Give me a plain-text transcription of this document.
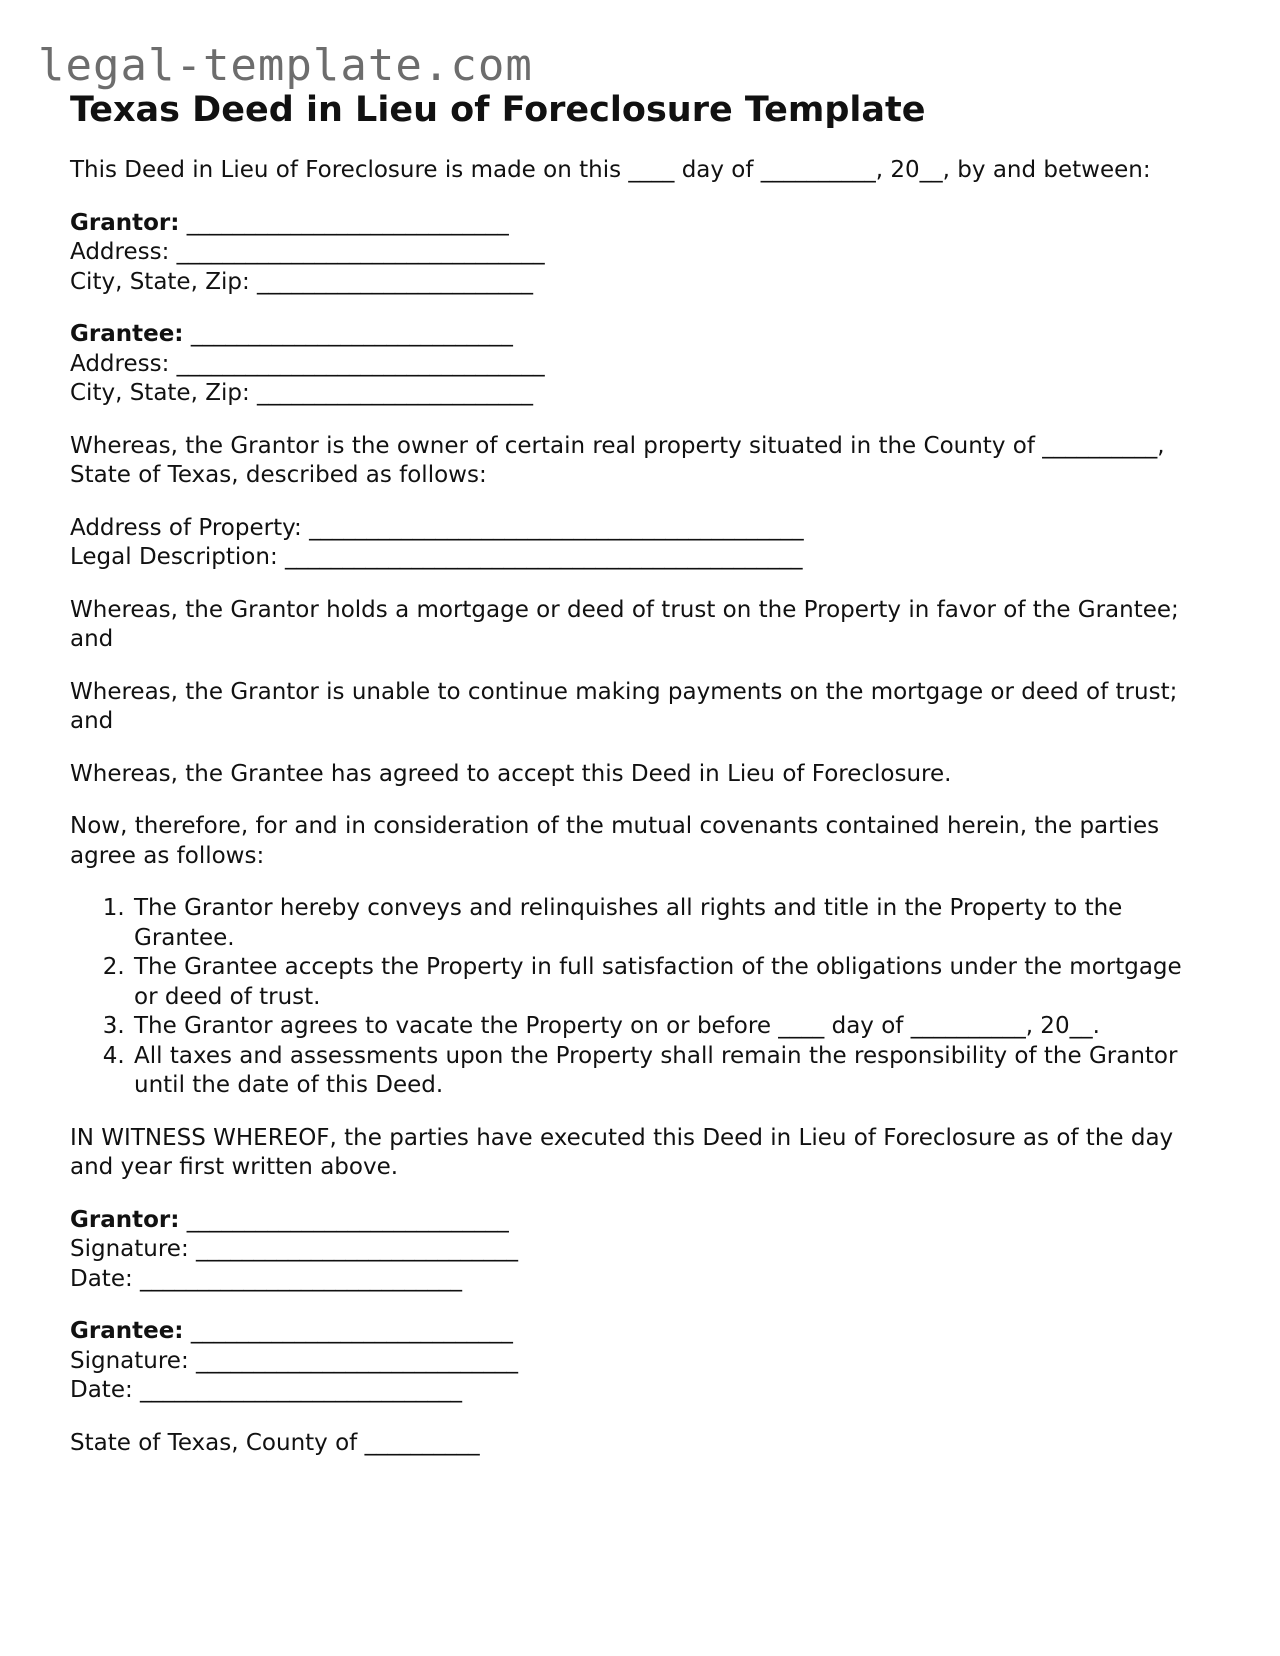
legal-template.com
Texas Deed in Lieu of Foreclosure Template

This Deed in Lieu of Foreclosure is made on this ____ day of __________, 20__, by and between:

Grantor: ____________________________
Address: ________________________________
City, State, Zip: ________________________
Grantee: ____________________________
Address: ________________________________
City, State, Zip: ________________________

Whereas, the Grantor is the owner of certain real property situated in the County of __________, State of Texas, described as follows:

Address of Property: ___________________________________________
Legal Description: _____________________________________________

Whereas, the Grantor holds a mortgage or deed of trust on the Property in favor of the Grantee; and

Whereas, the Grantor is unable to continue making payments on the mortgage or deed of trust; and

Whereas, the Grantee has agreed to accept this Deed in Lieu of Foreclosure.

Now, therefore, for and in consideration of the mutual covenants contained herein, the parties agree as follows:

1. The Grantor hereby conveys and relinquishes all rights and title in the Property to the Grantee.
2. The Grantee accepts the Property in full satisfaction of the obligations under the mortgage or deed of trust.
3. The Grantor agrees to vacate the Property on or before ____ day of __________, 20__.
4. All taxes and assessments upon the Property shall remain the responsibility of the Grantor until the date of this Deed.

IN WITNESS WHEREOF, the parties have executed this Deed in Lieu of Foreclosure as of the day and year first written above.

Grantor: ____________________________
Signature: ____________________________
Date: ____________________________
Grantee: ____________________________
Signature: ____________________________
Date: ____________________________

State of Texas, County of __________
